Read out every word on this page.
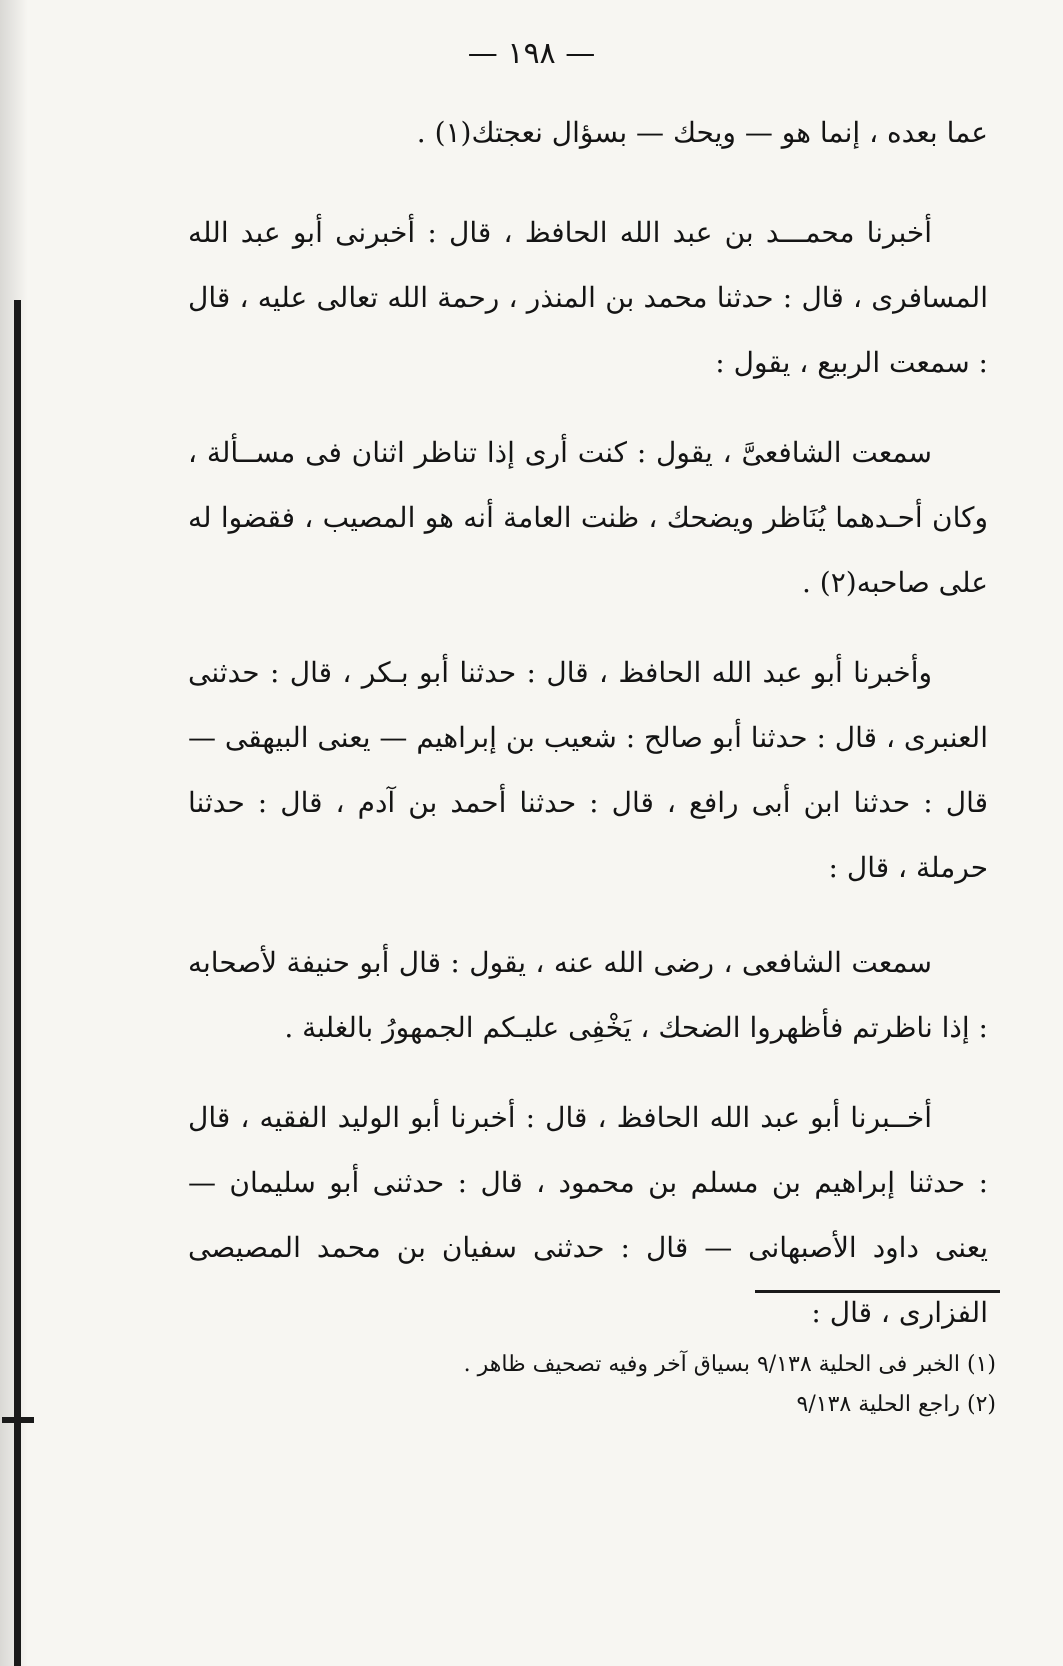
— ١٩٨ —

عما بعده ، إنما هو — ويحك — بسؤال نعجتك(١) .

أخبرنا محمـــد بن عبد الله الحافظ ، قال : أخبرنى أبو عبد الله المسافرى ، قال : حدثنا محمد بن المنذر ، رحمة الله تعالى عليه ، قال : سمعت الربيع ، يقول :

سمعت الشافعىَّ ، يقول : كنت أرى إذا تناظر اثنان فى مســألة ، وكان أحـدهما يُنَاظر ويضحك ، ظنت العامة أنه هو المصيب ، فقضوا له على صاحبه(٢) .

وأخبرنا أبو عبد الله الحافظ ، قال : حدثنا أبو بـكر ، قال : حدثنى العنبرى ، قال : حدثنا أبو صالح : شعيب بن إبراهيم — يعنى البيهقى — قال : حدثنا ابن أبى رافع ، قال : حدثنا أحمد بن آدم ، قال : حدثنا حرملة ، قال :

سمعت الشافعى ، رضى الله عنه ، يقول : قال أبو حنيفة لأصحابه : إذا ناظرتم فأظهروا الضحك ، يَخْفِى عليـكم الجمهورُ بالغلبة .

أخــبرنا أبو عبد الله الحافظ ، قال : أخبرنا أبو الوليد الفقيه ، قال : حدثنا إبراهيم بن مسلم بن محمود ، قال : حدثنى أبو سليمان — يعنى داود الأصبهانى — قال : حدثنى سفيان بن محمد المصيصى الفزارى ، قال :

(١) الخبر فى الحلية ٩/١٣٨ بسياق آخر وفيه تصحيف ظاهر .

(٢) راجع الحلية ٩/١٣٨
